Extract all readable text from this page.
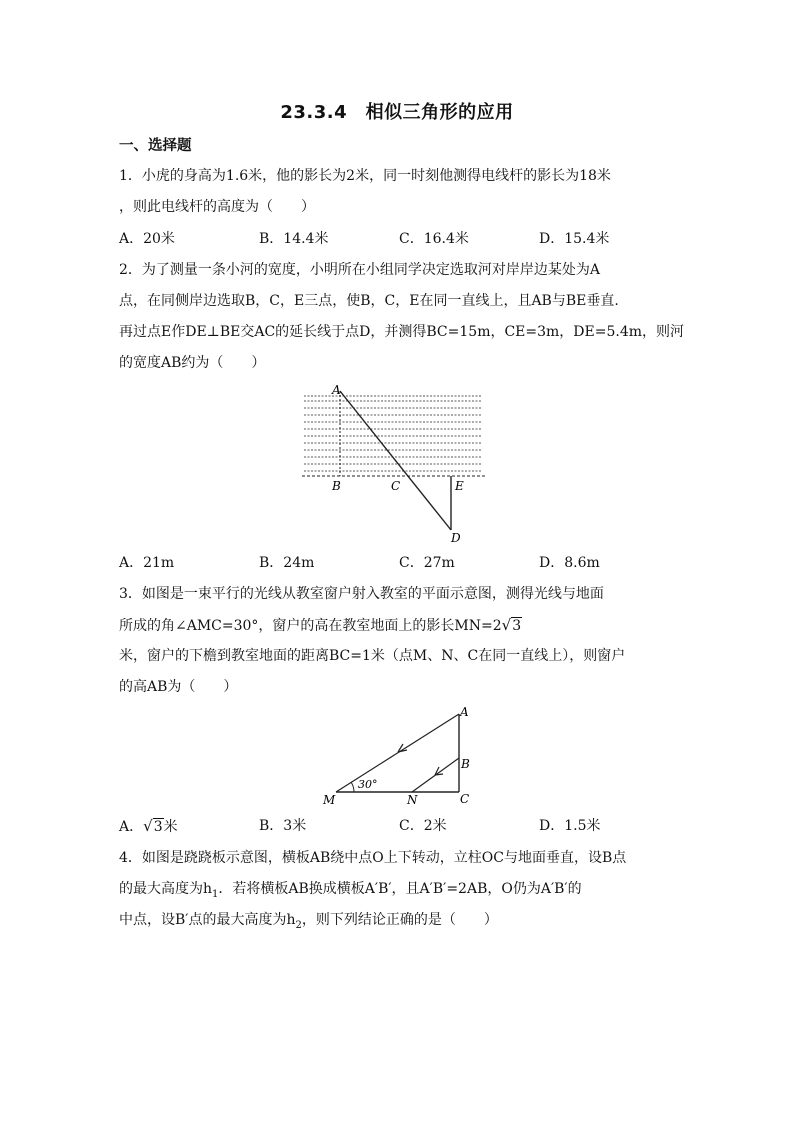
23.3.4　相似三角形的应用
一、选择题
1．小虎的身高为1.6米，他的影长为2米，同一时刻他测得电线杆的影长为18米
，则此电线杆的高度为（　　）
A．20米	B．14.4米	C．16.4米	D．15.4米
2．为了测量一条小河的宽度，小明所在小组同学决定选取河对岸岸边某处为A
点，在同侧岸边选取B，C，E三点，使B，C，E在同一直线上，且AB与BE垂直.
再过点E作DE⊥BE交AC的延长线于点D，并测得BC=15m，CE=3m，DE=5.4m，则河
的宽度AB约为（　　）
A
B	C	E
D
A．21m	B．24m	C．27m	D．8.6m
3．如图是一束平行的光线从教室窗户射入教室的平面示意图，测得光线与地面
所成的角∠AMC=30°，窗户的高在教室地面上的影长MN=2√3
米，窗户的下檐到教室地面的距离BC=1米（点M、N、C在同一直线上），则窗户
的高AB为（　　）
30°
A
B
C
M	N
A．√3米	B．3米	C．2米	D．1.5米
4．如图是跷跷板示意图，横板AB绕中点O上下转动，立柱OC与地面垂直，设B点
的最大高度为$h_1$．若将横板AB换成横板A′B′，且A′B′=2AB，O仍为A′B′的
中点，设B′点的最大高度为$h_2$，则下列结论正确的是（　　）
